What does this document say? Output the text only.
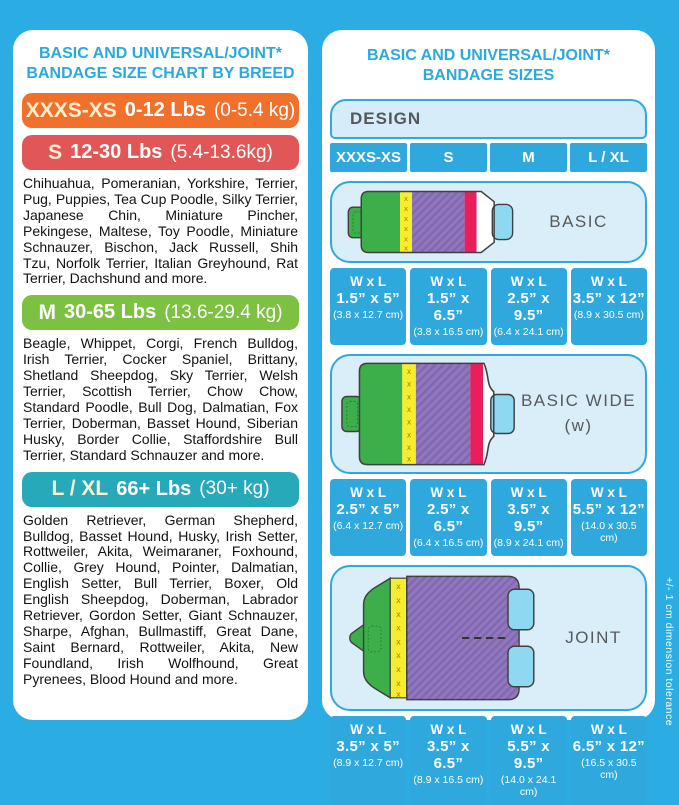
BASIC AND UNIVERSAL/JOINT*
BANDAGE SIZE CHART BY BREED
XXXS-XS 0-12 Lbs (0-5.4 kg)
S 12-30 Lbs (5.4-13.6kg)
Chihuahua, Pomeranian, Yorkshire, Terrier, Pug, Puppies, Tea Cup Poodle, Silky Terrier, Japanese Chin, Miniature Pincher, Pekingese, Maltese, Toy Poodle, Miniature Schnauzer, Bischon, Jack Russell, Shih Tzu, Norfolk Terrier, Italian Greyhound, Rat Terrier, Dachshund and more.
M 30-65 Lbs (13.6-29.4 kg)
Beagle, Whippet, Corgi, French Bulldog, Irish Terrier, Cocker Spaniel, Brittany, Shetland Sheepdog, Sky Terrier, Welsh Terrier, Scottish Terrier, Chow Chow, Standard Poodle, Bull Dog, Dalmatian, Fox Terrier, Doberman, Basset Hound, Siberian Husky, Border Collie, Staffordshire Bull Terrier, Standard Schnauzer and more.
L / XL 66+ Lbs (30+ kg)
Golden Retriever, German Shepherd, Bulldog, Basset Hound, Husky, Irish Setter, Rottweiler, Akita, Weimaraner, Foxhound, Collie, Grey Hound, Pointer, Dalmatian, English Setter, Bull Terrier, Boxer, Old English Sheepdog, Doberman, Labrador Retriever, Gordon Setter, Giant Schnauzer, Sharpe, Afghan, Bullmastiff, Great Dane, Saint Bernard, Rottweiler, Akita, New Foundland, Irish Wolfhound, Great Pyrenees, Blood Hound and more.
BASIC AND UNIVERSAL/JOINT*
BANDAGE SIZES
DESIGN
XXXS-XS	S	M	L / XL
x
x
x
x
x
x
BASIC
W x L
1.5” x 5”
(3.8 x 12.7 cm)
W x L
1.5” x 6.5”
(3.8 x 16.5 cm)
W x L
2.5” x 9.5”
(6.4 x 24.1 cm)
W x L
3.5” x 12”
(8.9 x 30.5 cm)
x
x
x
x
x
x
x
x
BASIC WIDE
(w)
W x L
2.5” x 5”
(6.4 x 12.7 cm)
W x L
2.5” x 6.5”
(6.4 x 16.5 cm)
W x L
3.5” x 9.5”
(8.9 x 24.1 cm)
W x L
5.5” x 12”
(14.0 x 30.5 cm)
x
x
x
x
x
x
x
x
x
JOINT
W x L
3.5” x 5”
(8.9 x 12.7 cm)
W x L
3.5” x 6.5”
(8.9 x 16.5 cm)
W x L
5.5” x 9.5”
(14.0 x 24.1 cm)
W x L
6.5” x 12”
(16.5 x 30.5 cm)
+/- 1 cm dimension tolerance
